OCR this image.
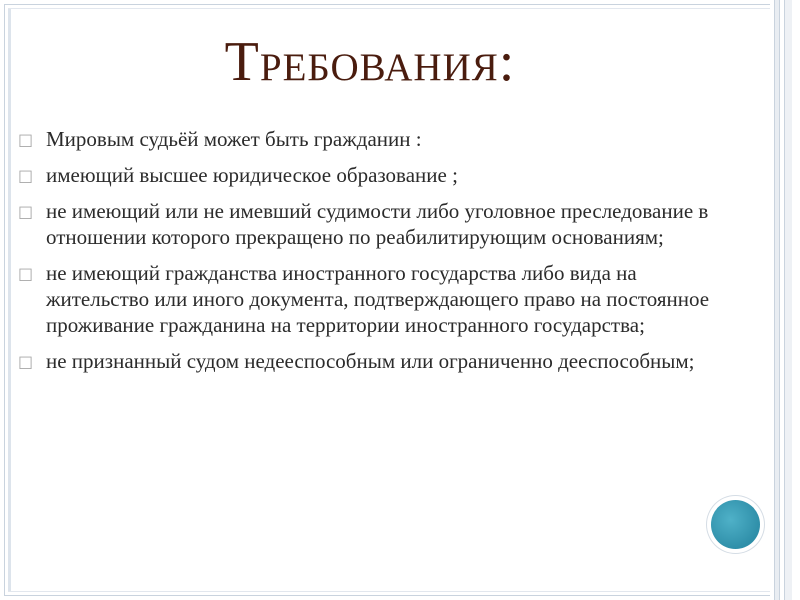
Требования:
□ Мировым судьёй может быть гражданин :
□ имеющий высшее юридическое образование ;
□ не имеющий или не имевший судимости либо уголовное преследование в отношении которого прекращено по реабилитирующим основаниям;
□ не имеющий гражданства иностранного государства либо вида на жительство или иного документа, подтверждающего право на постоянное проживание гражданина на территории иностранного государства;
□ не признанный судом недееспособным или ограниченно дееспособным;
